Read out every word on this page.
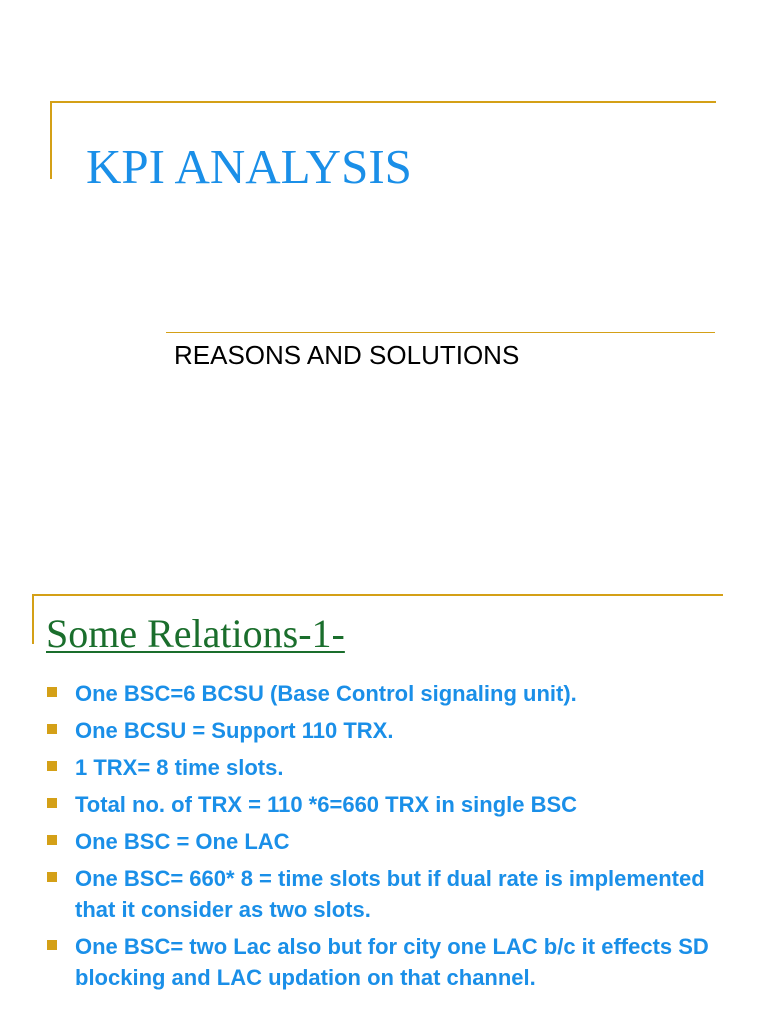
KPI ANALYSIS
REASONS AND SOLUTIONS
Some Relations-1-
One BSC=6 BCSU (Base Control signaling unit).
One BCSU = Support 110 TRX.
1 TRX= 8 time slots.
Total no. of TRX = 110 *6=660 TRX in single BSC
One BSC = One LAC
One BSC= 660* 8 = time slots but if dual rate is implemented that it consider as two slots.
One BSC= two Lac also but for city one LAC b/c it effects SD blocking and LAC updation on that channel.
